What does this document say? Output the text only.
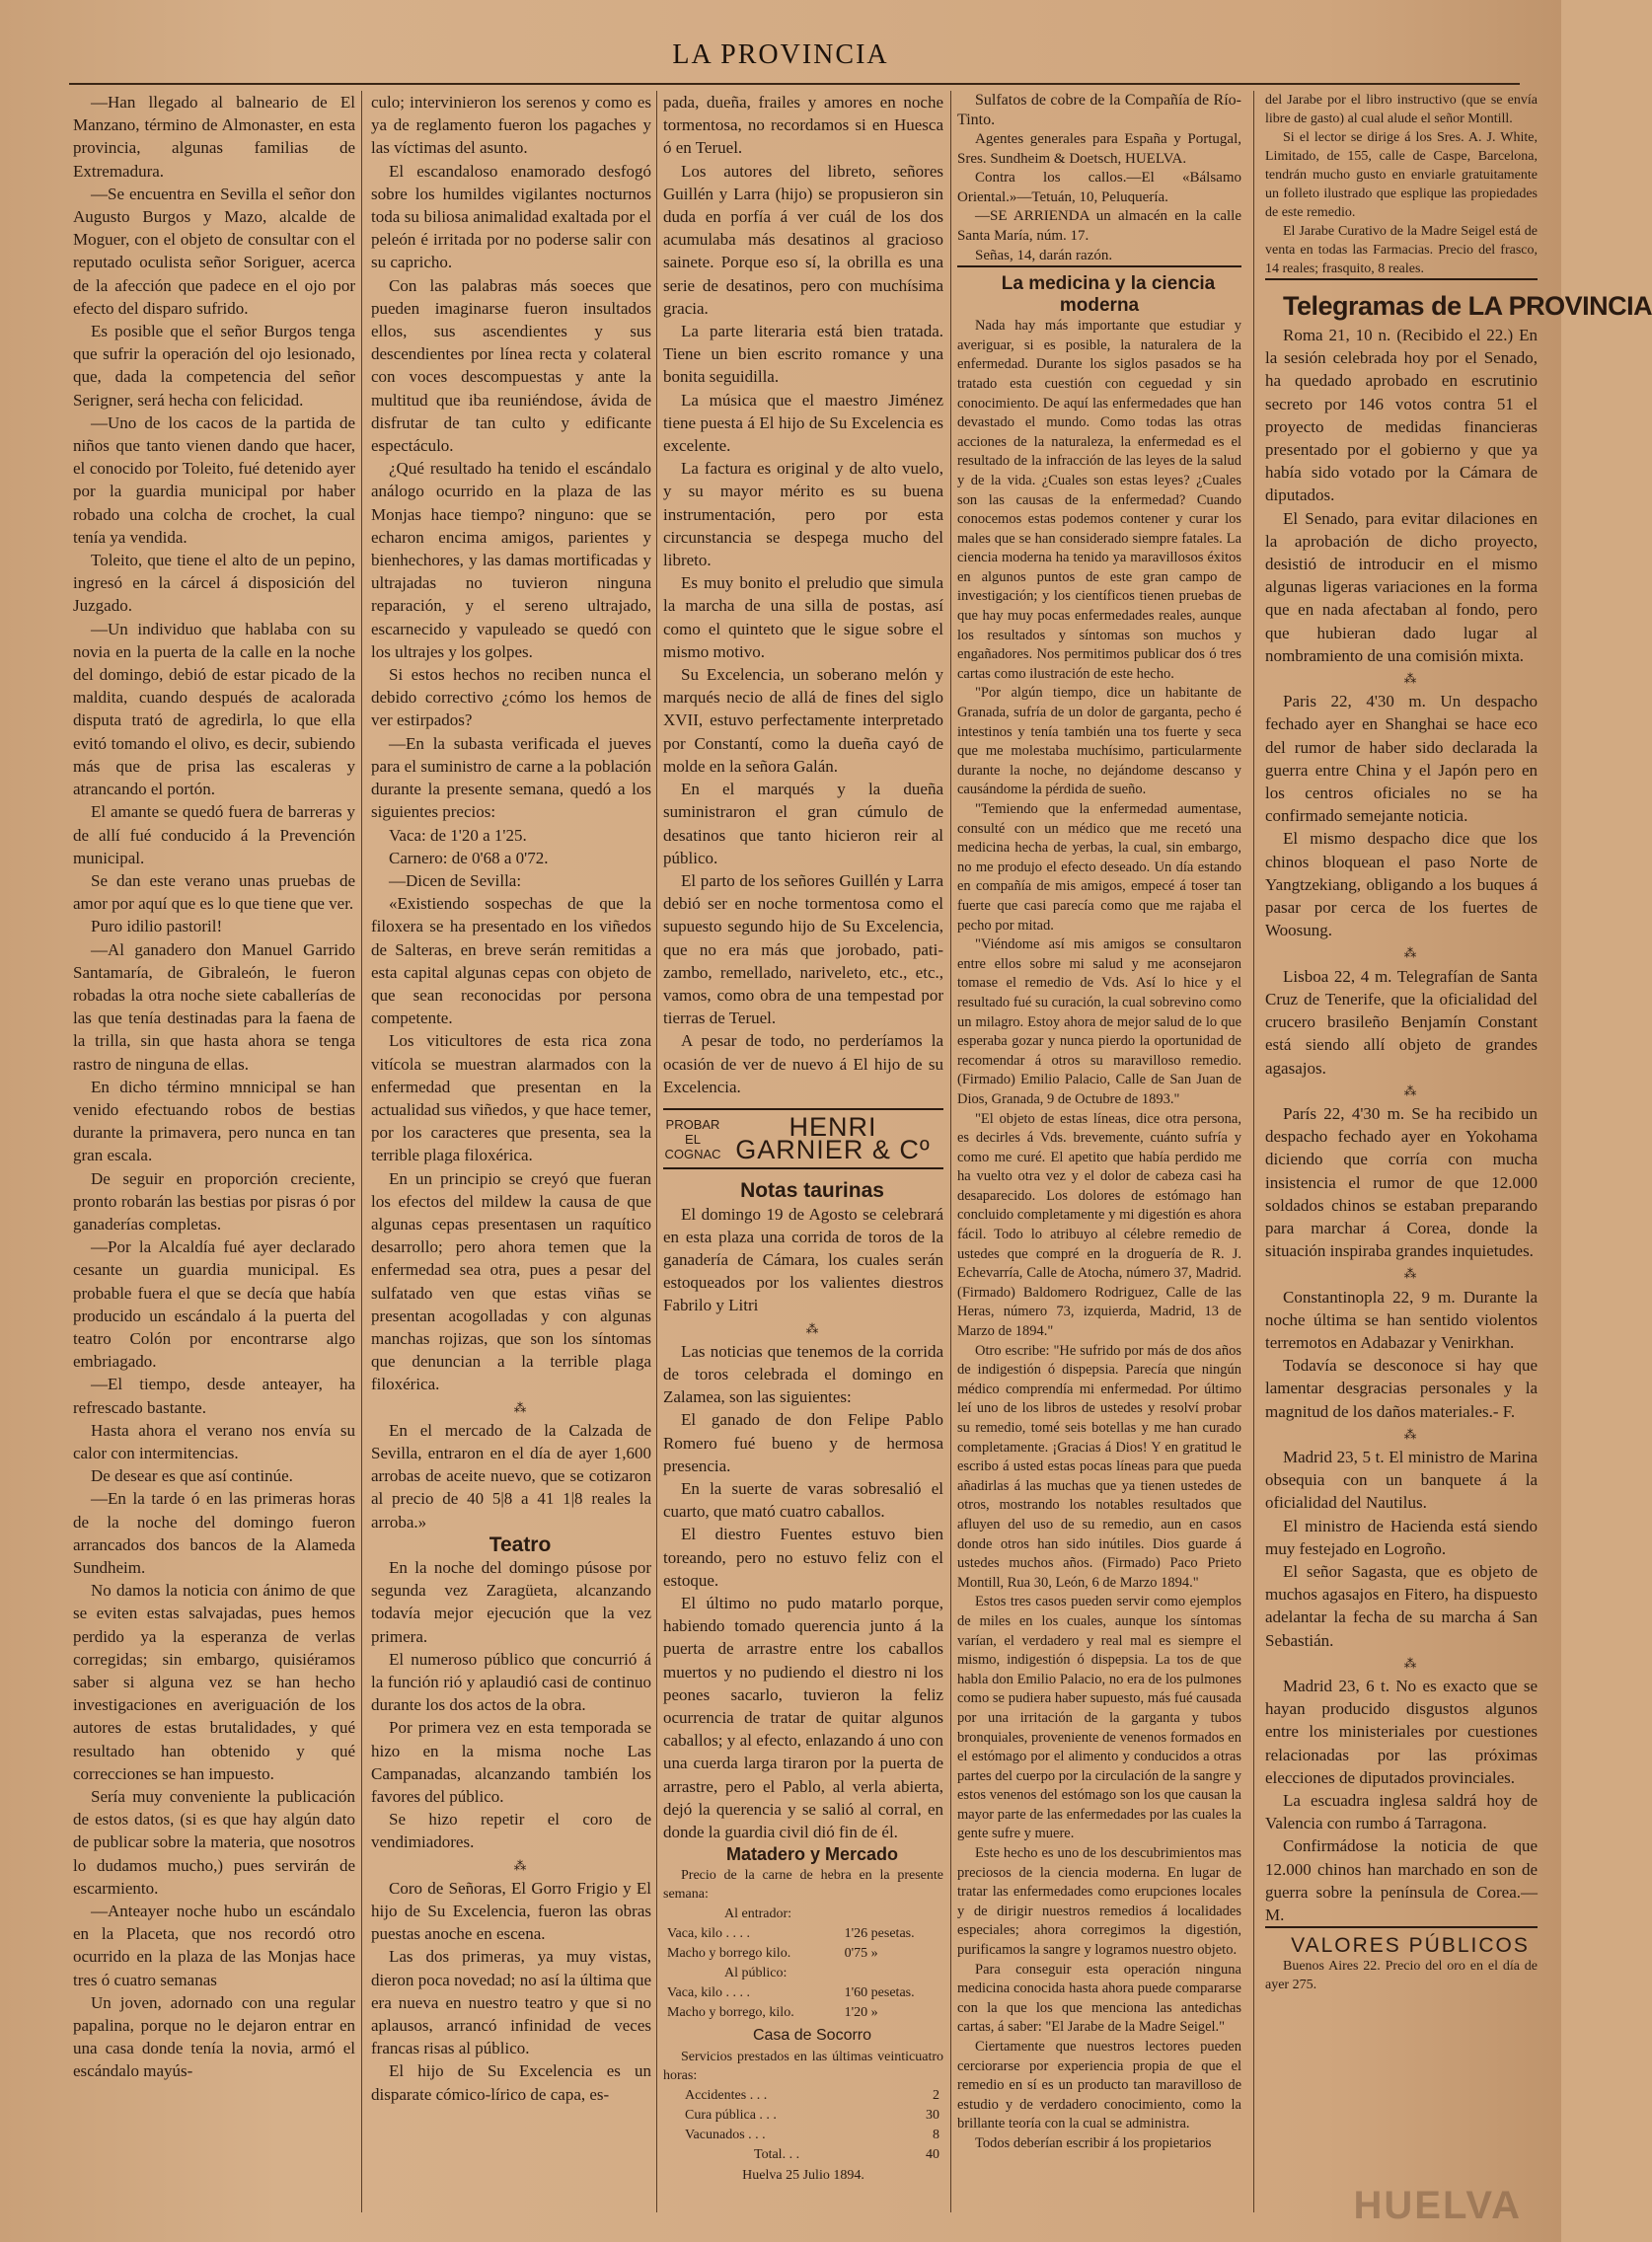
LA PROVINCIA

—Han llegado al balneario de El Manzano, término de Almonaster, en esta provincia, algunas familias de Extremadura.

—Se encuentra en Sevilla el señor don Augusto Burgos y Mazo, alcalde de Moguer, con el objeto de consultar con el reputado oculista señor Soriguer, acerca de la afección que padece en el ojo por efecto del disparo sufrido.

Es posible que el señor Burgos tenga que sufrir la operación del ojo lesionado, que, dada la competencia del señor Serigner, será hecha con felicidad.

—Uno de los cacos de la partida de niños que tanto vienen dando que hacer, el conocido por Toleito, fué detenido ayer por la guardia municipal por haber robado una colcha de crochet, la cual tenía ya vendida.

Toleito, que tiene el alto de un pepino, ingresó en la cárcel á disposición del Juzgado.

—Un individuo que hablaba con su novia en la puerta de la calle en la noche del domingo, debió de estar picado de la maldita, cuando después de acalorada disputa trató de agredirla, lo que ella evitó tomando el olivo, es decir, subiendo más que de prisa las escaleras y atrancando el portón.

El amante se quedó fuera de barreras y de allí fué conducido á la Prevención municipal.

Se dan este verano unas pruebas de amor por aquí que es lo que tiene que ver.

Puro idilio pastoril!

—Al ganadero don Manuel Garrido Santamaría, de Gibraleón, le fueron robadas la otra noche siete caballerías de las que tenía destinadas para la faena de la trilla, sin que hasta ahora se tenga rastro de ninguna de ellas.

En dicho término mnnicipal se han venido efectuando robos de bestias durante la primavera, pero nunca en tan gran escala.

De seguir en proporción creciente, pronto robarán las bestias por pisras ó por ganaderías completas.

—Por la Alcaldía fué ayer declarado cesante un guardia municipal. Es probable fuera el que se decía que había producido un escándalo á la puerta del teatro Colón por encontrarse algo embriagado.

—El tiempo, desde anteayer, ha refrescado bastante.

Hasta ahora el verano nos envía su calor con intermitencias.

De desear es que así continúe.

—En la tarde ó en las primeras horas de la noche del domingo fueron arrancados dos bancos de la Alameda Sundheim.

No damos la noticia con ánimo de que se eviten estas salvajadas, pues hemos perdido ya la esperanza de verlas corregidas; sin embargo, quisiéramos saber si alguna vez se han hecho investigaciones en averiguación de los autores de estas brutalidades, y qué resultado han obtenido y qué correcciones se han impuesto.

Sería muy conveniente la publicación de estos datos, (si es que hay algún dato de publicar sobre la materia, que nosotros lo dudamos mucho,) pues servirán de escarmiento.

—Anteayer noche hubo un escándalo en la Placeta, que nos recordó otro ocurrido en la plaza de las Monjas hace tres ó cuatro semanas

Un joven, adornado con una regular papalina, porque no le dejaron entrar en una casa donde tenía la novia, armó el escándalo mayús-

culo; intervinieron los serenos y como es ya de reglamento fueron los pagaches y las víctimas del asunto.

El escandaloso enamorado desfogó sobre los humildes vigilantes nocturnos toda su biliosa animalidad exaltada por el peleón é irritada por no poderse salir con su capricho.

Con las palabras más soeces que pueden imaginarse fueron insultados ellos, sus ascendientes y sus descendientes por línea recta y colateral con voces descompuestas y ante la multitud que iba reuniéndose, ávida de disfrutar de tan culto y edificante espectáculo.

¿Qué resultado ha tenido el escándalo análogo ocurrido en la plaza de las Monjas hace tiempo? ninguno: que se echaron encima amigos, parientes y bienhechores, y las damas mortificadas y ultrajadas no tuvieron ninguna reparación, y el sereno ultrajado, escarnecido y vapuleado se quedó con los ultrajes y los golpes.

Si estos hechos no reciben nunca el debido correctivo ¿cómo los hemos de ver estirpados?

—En la subasta verificada el jueves para el suministro de carne a la población durante la presente semana, quedó a los siguientes precios:

Vaca: de 1'20 a 1'25.

Carnero: de 0'68 a 0'72.

—Dicen de Sevilla:

«Existiendo sospechas de que la filoxera se ha presentado en los viñedos de Salteras, en breve serán remitidas a esta capital algunas cepas con objeto de que sean reconocidas por persona competente.

Los viticultores de esta rica zona vitícola se muestran alarmados con la enfermedad que presentan en la actualidad sus viñedos, y que hace temer, por los caracteres que presenta, sea la terrible plaga filoxérica.

En un principio se creyó que fueran los efectos del mildew la causa de que algunas cepas presentasen un raquítico desarrollo; pero ahora temen que la enfermedad sea otra, pues a pesar del sulfatado ven que estas viñas se presentan acogolladas y con algunas manchas rojizas, que son los síntomas que denuncian a la terrible plaga filoxérica.

⁂

En el mercado de la Calzada de Sevilla, entraron en el día de ayer 1,600 arrobas de aceite nuevo, que se cotizaron al precio de 40 5|8 a 41 1|8 reales la arroba.»

Teatro

En la noche del domingo púsose por segunda vez Zaragüeta, alcanzando todavía mejor ejecución que la vez primera.

El numeroso público que concurrió á la función rió y aplaudió casi de continuo durante los dos actos de la obra.

Por primera vez en esta temporada se hizo en la misma noche Las Campanadas, alcanzando también los favores del público.

Se hizo repetir el coro de vendimiadores.

⁂

Coro de Señoras, El Gorro Frigio y El hijo de Su Excelencia, fueron las obras puestas anoche en escena.

Las dos primeras, ya muy vistas, dieron poca novedad; no así la última que era nueva en nuestro teatro y que si no aplausos, arrancó infinidad de veces francas risas al público.

El hijo de Su Excelencia es un disparate cómico-lírico de capa, es-

pada, dueña, frailes y amores en noche tormentosa, no recordamos si en Huesca ó en Teruel.

Los autores del libreto, señores Guillén y Larra (hijo) se propusieron sin duda en porfía á ver cuál de los dos acumulaba más desatinos al gracioso sainete. Porque eso sí, la obrilla es una serie de desatinos, pero con muchísima gracia.

La parte literaria está bien tratada. Tiene un bien escrito romance y una bonita seguidilla.

La música que el maestro Jiménez tiene puesta á El hijo de Su Excelencia es excelente.

La factura es original y de alto vuelo, y su mayor mérito es su buena instrumentación, pero por esta circunstancia se despega mucho del libreto.

Es muy bonito el preludio que simula la marcha de una silla de postas, así como el quinteto que le sigue sobre el mismo motivo.

Su Excelencia, un soberano melón y marqués necio de allá de fines del siglo XVII, estuvo perfectamente interpretado por Constantí, como la dueña cayó de molde en la señora Galán.

En el marqués y la dueña suministraron el gran cúmulo de desatinos que tanto hicieron reir al público.

El parto de los señores Guillén y Larra debió ser en noche tormentosa como el supuesto segundo hijo de Su Excelencia, que no era más que jorobado, pati-zambo, remellado, nariveleto, etc., etc., vamos, como obra de una tempestad por tierras de Teruel.

A pesar de todo, no perderíamos la ocasión de ver de nuevo á El hijo de su Excelencia.

PROBAR EL COGNAC
HENRI GARNIER & Cº

Notas taurinas

El domingo 19 de Agosto se celebrará en esta plaza una corrida de toros de la ganadería de Cámara, los cuales serán estoqueados por los valientes diestros Fabrilo y Litri

⁂

Las noticias que tenemos de la corrida de toros celebrada el domingo en Zalamea, son las siguientes:

El ganado de don Felipe Pablo Romero fué bueno y de hermosa presencia.

En la suerte de varas sobresalió el cuarto, que mató cuatro caballos.

El diestro Fuentes estuvo bien toreando, pero no estuvo feliz con el estoque.

El último no pudo matarlo porque, habiendo tomado querencia junto á la puerta de arrastre entre los caballos muertos y no pudiendo el diestro ni los peones sacarlo, tuvieron la feliz ocurrencia de tratar de quitar algunos caballos; y al efecto, enlazando á uno con una cuerda larga tiraron por la puerta de arrastre, pero el Pablo, al verla abierta, dejó la querencia y se salió al corral, en donde la guardia civil dió fin de él.

Matadero y Mercado

Precio de la carne de hebra en la presente semana:

Al entrador:	
Vaca, kilo . . . .	1'26 pesetas.
Macho y borrego kilo.	0'75 »
Al público:	
Vaca, kilo . . . .	1'60 pesetas.
Macho y borrego, kilo.	1'20 »

Casa de Socorro

Servicios prestados en las últimas veinticuatro horas:

Accidentes . . .	2
Cura pública . . .	30
Vacunados . . .	8
Total. . .	40

Huelva 25 Julio 1894.

Sulfatos de cobre de la Compañía de Río-Tinto.

Agentes generales para España y Portugal, Sres. Sundheim & Doetsch, HUELVA.

Contra los callos.—El «Bálsamo Oriental.»—Tetuán, 10, Peluquería.

—SE ARRIENDA un almacén en la calle Santa María, núm. 17.

Señas, 14, darán razón.

La medicina y la ciencia moderna

Nada hay más importante que estudiar y averiguar, si es posible, la naturalera de la enfermedad. Durante los siglos pasados se ha tratado esta cuestión con ceguedad y sin conocimiento. De aquí las enfermedades que han devastado el mundo. Como todas las otras acciones de la naturaleza, la enfermedad es el resultado de la infracción de las leyes de la salud y de la vida. ¿Cuales son estas leyes? ¿Cuales son las causas de la enfermedad? Cuando conocemos estas podemos contener y curar los males que se han considerado siempre fatales. La ciencia moderna ha tenido ya maravillosos éxitos en algunos puntos de este gran campo de investigación; y los científicos tienen pruebas de que hay muy pocas enfermedades reales, aunque los resultados y síntomas son muchos y engañadores. Nos permitimos publicar dos ó tres cartas como ilustración de este hecho.

"Por algún tiempo, dice un habitante de Granada, sufría de un dolor de garganta, pecho é intestinos y tenía también una tos fuerte y seca que me molestaba muchísimo, particularmente durante la noche, no dejándome descanso y causándome la pérdida de sueño.

"Temiendo que la enfermedad aumentase, consulté con un médico que me recetó una medicina hecha de yerbas, la cual, sin embargo, no me produjo el efecto deseado. Un día estando en compañía de mis amigos, empecé á toser tan fuerte que casi parecía como que me rajaba el pecho por mitad.

"Viéndome así mis amigos se consultaron entre ellos sobre mi salud y me aconsejaron tomase el remedio de Vds. Así lo hice y el resultado fué su curación, la cual sobrevino como un milagro. Estoy ahora de mejor salud de lo que esperaba gozar y nunca pierdo la oportunidad de recomendar á otros su maravilloso remedio. (Firmado) Emilio Palacio, Calle de San Juan de Dios, Granada, 9 de Octubre de 1893."

"El objeto de estas líneas, dice otra persona, es decirles á Vds. brevemente, cuánto sufría y como me curé. El apetito que había perdido me ha vuelto otra vez y el dolor de cabeza casi ha desaparecido. Los dolores de estómago han concluido completamente y mi digestión es ahora fácil. Todo lo atribuyo al célebre remedio de ustedes que compré en la droguería de R. J. Echevarría, Calle de Atocha, número 37, Madrid. (Firmado) Baldomero Rodriguez, Calle de las Heras, número 73, izquierda, Madrid, 13 de Marzo de 1894."

Otro escribe: "He sufrido por más de dos años de indigestión ó dispepsia. Parecía que ningún médico comprendía mi enfermedad. Por último leí uno de los libros de ustedes y resolví probar su remedio, tomé seis botellas y me han curado completamente. ¡Gracias á Dios! Y en gratitud le escribo á usted estas pocas líneas para que pueda añadirlas á las muchas que ya tienen ustedes de otros, mostrando los notables resultados que afluyen del uso de su remedio, aun en casos donde otros han sido inútiles. Dios guarde á ustedes muchos años. (Firmado) Paco Prieto Montill, Rua 30, León, 6 de Marzo 1894."

Estos tres casos pueden servir como ejemplos de miles en los cuales, aunque los síntomas varían, el verdadero y real mal es siempre el mismo, indigestión ó dispepsia. La tos de que habla don Emilio Palacio, no era de los pulmones como se pudiera haber supuesto, más fué causada por una irritación de la garganta y tubos bronquiales, proveniente de venenos formados en el estómago por el alimento y conducidos a otras partes del cuerpo por la circulación de la sangre y estos venenos del estómago son los que causan la mayor parte de las enfermedades por las cuales la gente sufre y muere.

Este hecho es uno de los descubrimientos mas preciosos de la ciencia moderna. En lugar de tratar las enfermedades como erupciones locales y de dirigir nuestros remedios á localidades especiales; ahora corregimos la digestión, purificamos la sangre y logramos nuestro objeto.

Para conseguir esta operación ninguna medicina conocida hasta ahora puede compararse con la que los que menciona las antedichas cartas, á saber: "El Jarabe de la Madre Seigel."

Ciertamente que nuestros lectores pueden cerciorarse por experiencia propia de que el remedio en sí es un producto tan maravilloso de estudio y de verdadero conocimiento, como la brillante teoría con la cual se administra.

Todos deberían escribir á los propietarios

del Jarabe por el libro instructivo (que se envía libre de gasto) al cual alude el señor Montill.

Si el lector se dirige á los Sres. A. J. White, Limitado, de 155, calle de Caspe, Barcelona, tendrán mucho gusto en enviarle gratuitamente un folleto ilustrado que esplique las propiedades de este remedio.

El Jarabe Curativo de la Madre Seigel está de venta en todas las Farmacias. Precio del frasco, 14 reales; frasquito, 8 reales.

Telegramas de LA PROVINCIA

Roma 21, 10 n. (Recibido el 22.) En la sesión celebrada hoy por el Senado, ha quedado aprobado en escrutinio secreto por 146 votos contra 51 el proyecto de medidas financieras presentado por el gobierno y que ya había sido votado por la Cámara de diputados.

El Senado, para evitar dilaciones en la aprobación de dicho proyecto, desistió de introducir en el mismo algunas ligeras variaciones en la forma que en nada afectaban al fondo, pero que hubieran dado lugar al nombramiento de una comisión mixta.

⁂

Paris 22, 4'30 m. Un despacho fechado ayer en Shanghai se hace eco del rumor de haber sido declarada la guerra entre China y el Japón pero en los centros oficiales no se ha confirmado semejante noticia.

El mismo despacho dice que los chinos bloquean el paso Norte de Yangtzekiang, obligando a los buques á pasar por cerca de los fuertes de Woosung.

⁂

Lisboa 22, 4 m. Telegrafían de Santa Cruz de Tenerife, que la oficialidad del crucero brasileño Benjamín Constant está siendo allí objeto de grandes agasajos.

⁂

París 22, 4'30 m. Se ha recibido un despacho fechado ayer en Yokohama diciendo que corría con mucha insistencia el rumor de que 12.000 soldados chinos se estaban preparando para marchar á Corea, donde la situación inspiraba grandes inquietudes.

⁂

Constantinopla 22, 9 m. Durante la noche última se han sentido violentos terremotos en Adabazar y Venirkhan.

Todavía se desconoce si hay que lamentar desgracias personales y la magnitud de los daños materiales.- F.

⁂

Madrid 23, 5 t. El ministro de Marina obsequia con un banquete á la oficialidad del Nautilus.

El ministro de Hacienda está siendo muy festejado en Logroño.

El señor Sagasta, que es objeto de muchos agasajos en Fitero, ha dispuesto adelantar la fecha de su marcha á San Sebastián.

⁂

Madrid 23, 6 t. No es exacto que se hayan producido disgustos algunos entre los ministeriales por cuestiones relacionadas por las próximas elecciones de diputados provinciales.

La escuadra inglesa saldrá hoy de Valencia con rumbo á Tarragona.

Confirmádose la noticia de que 12.000 chinos han marchado en son de guerra sobre la península de Corea.—M.

VALORES PÚBLICOS

Buenos Aires 22. Precio del oro en el día de ayer 275.

HUELVA
